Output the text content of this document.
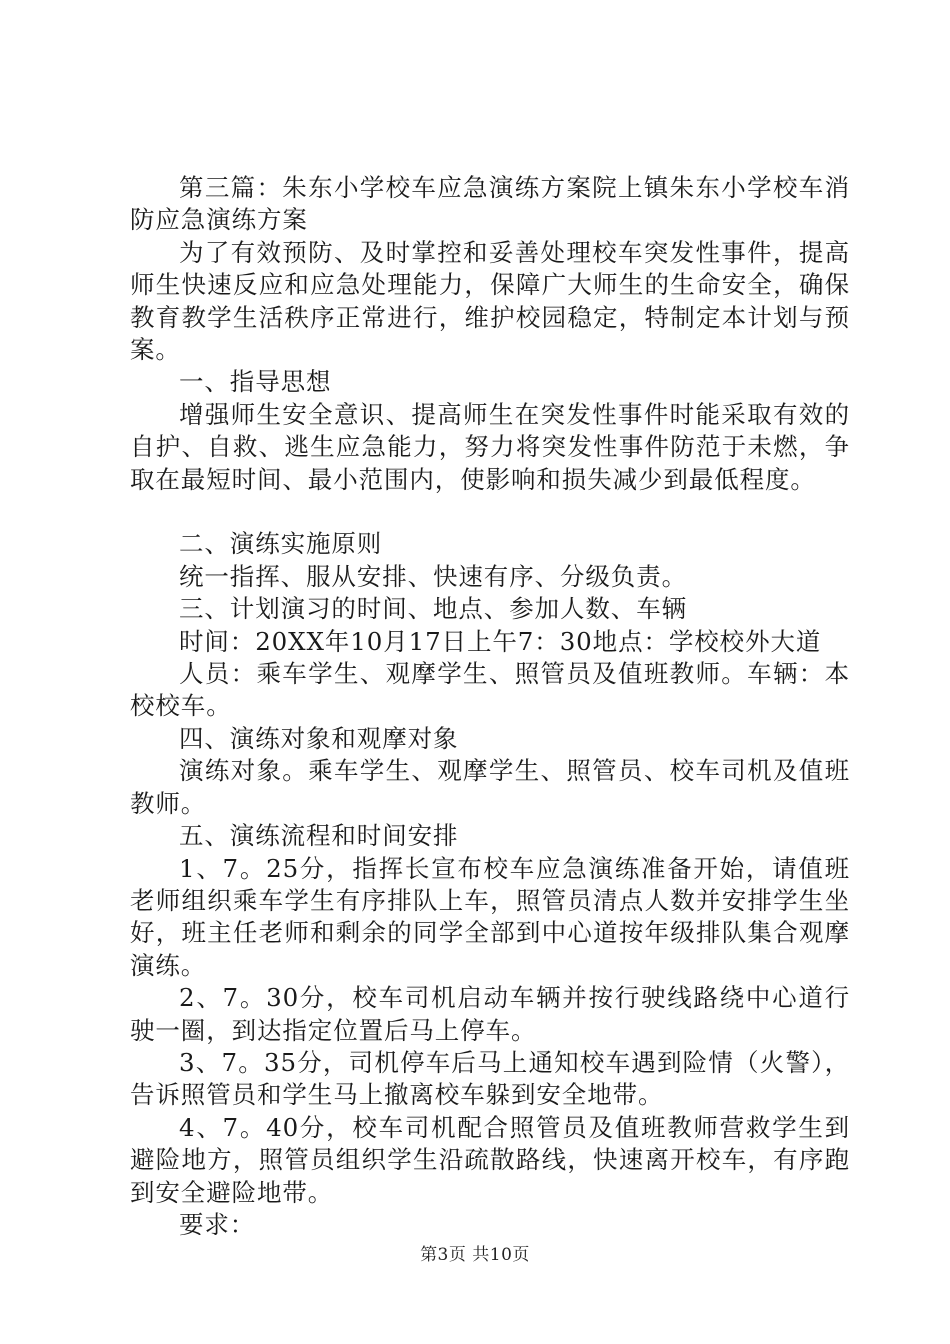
第三篇：朱东小学校车应急演练方案院上镇朱东小学校车消防应急演练方案

为了有效预防、及时掌控和妥善处理校车突发性事件，提高师生快速反应和应急处理能力，保障广大师生的生命安全，确保教育教学生活秩序正常进行，维护校园稳定，特制定本计划与预案。

一、指导思想

增强师生安全意识、提高师生在突发性事件时能采取有效的自护、自救、逃生应急能力，努力将突发性事件防范于未燃，争取在最短时间、最小范围内，使影响和损失减少到最低程度。

二、演练实施原则

统一指挥、服从安排、快速有序、分级负责。

三、计划演习的时间、地点、参加人数、车辆

时间：20XX年10月17日上午7：30地点：学校校外大道

人员：乘车学生、观摩学生、照管员及值班教师。车辆：本校校车。

四、演练对象和观摩对象

演练对象。乘车学生、观摩学生、照管员、校车司机及值班教师。

五、演练流程和时间安排

1、7。25分，指挥长宣布校车应急演练准备开始，请值班老师组织乘车学生有序排队上车，照管员清点人数并安排学生坐好，班主任老师和剩余的同学全部到中心道按年级排队集合观摩演练。

2、7。30分，校车司机启动车辆并按行驶线路绕中心道行驶一圈，到达指定位置后马上停车。

3、7。35分，司机停车后马上通知校车遇到险情（火警），告诉照管员和学生马上撤离校车躲到安全地带。

4、7。40分，校车司机配合照管员及值班教师营救学生到避险地方，照管员组织学生沿疏散路线，快速离开校车，有序跑到安全避险地带。

要求：

第3页 共10页
